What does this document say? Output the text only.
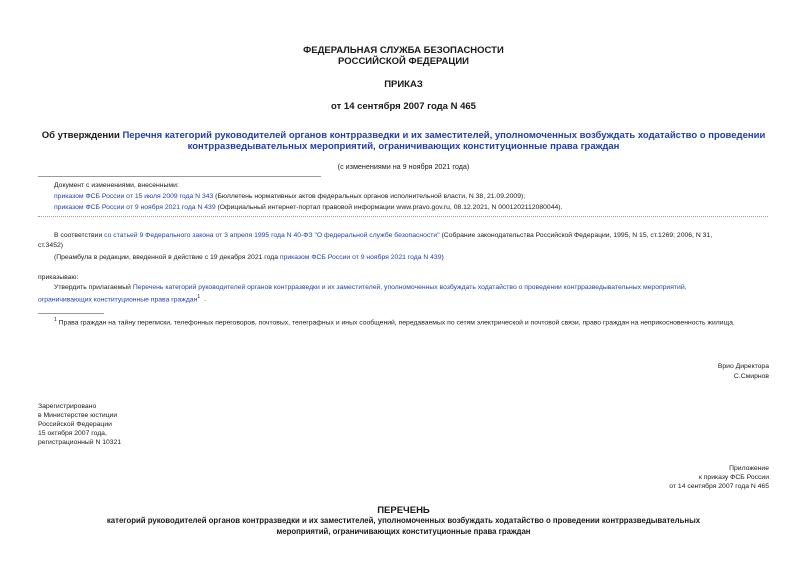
ФЕДЕРАЛЬНАЯ СЛУЖБА БЕЗОПАСНОСТИ
РОССИЙСКОЙ ФЕДЕРАЦИИ
ПРИКАЗ
от 14 сентября 2007 года N 465
Об утверждении Перечня категорий руководителей органов контрразведки и их заместителей, уполномоченных возбуждать ходатайство о проведении
контрразведывательных мероприятий, ограничивающих конституционные права граждан
(с изменениями на 9 ноября 2021 года)
Документ с изменениями, внесенными:
приказом ФСБ России от 15 июля 2009 года N 343 (Бюллетень нормативных актов федеральных органов исполнительной власти, N 38, 21.09.2009);
приказом ФСБ России от 9 ноября 2021 года N 439 (Официальный интернет-портал правовой информации www.pravo.gov.ru, 08.12.2021, N 0001202112080044).
В соответствии со статьей 9 Федерального закона от 3 апреля 1995 года N 40-ФЗ "О федеральной службе безопасности" (Собрание законодательства Российской Федерации, 1995, N 15, ст.1269; 2006, N 31,
ст.3452)
(Преамбула в редакции, введенной в действие с 19 декабря 2021 года приказом ФСБ России от 9 ноября 2021 года N 439)
приказываю:
Утвердить прилагаемый Перечень категорий руководителей органов контрразведки и их заместителей, уполномоченных возбуждать ходатайство о проведении контрразведывательных мероприятий,
ограничивающих конституционные права граждан$^1$ .
$^1$ Права граждан на тайну переписки, телефонных переговоров, почтовых, телеграфных и иных сообщений, передаваемых по сетям электрической и почтовой связи, право граждан на неприкосновенность жилища.
Врио Директора
С.Смирнов
Зарегистрировано
в Министерстве юстиции
Российской Федерации
15 октября 2007 года,
регистрационный N 10321
Приложение
к приказу ФСБ России
от 14 сентября 2007 года N 465
ПЕРЕЧЕНЬ
категорий руководителей органов контрразведки и их заместителей, уполномоченных возбуждать ходатайство о проведении контрразведывательных
мероприятий, ограничивающих конституционные права граждан
